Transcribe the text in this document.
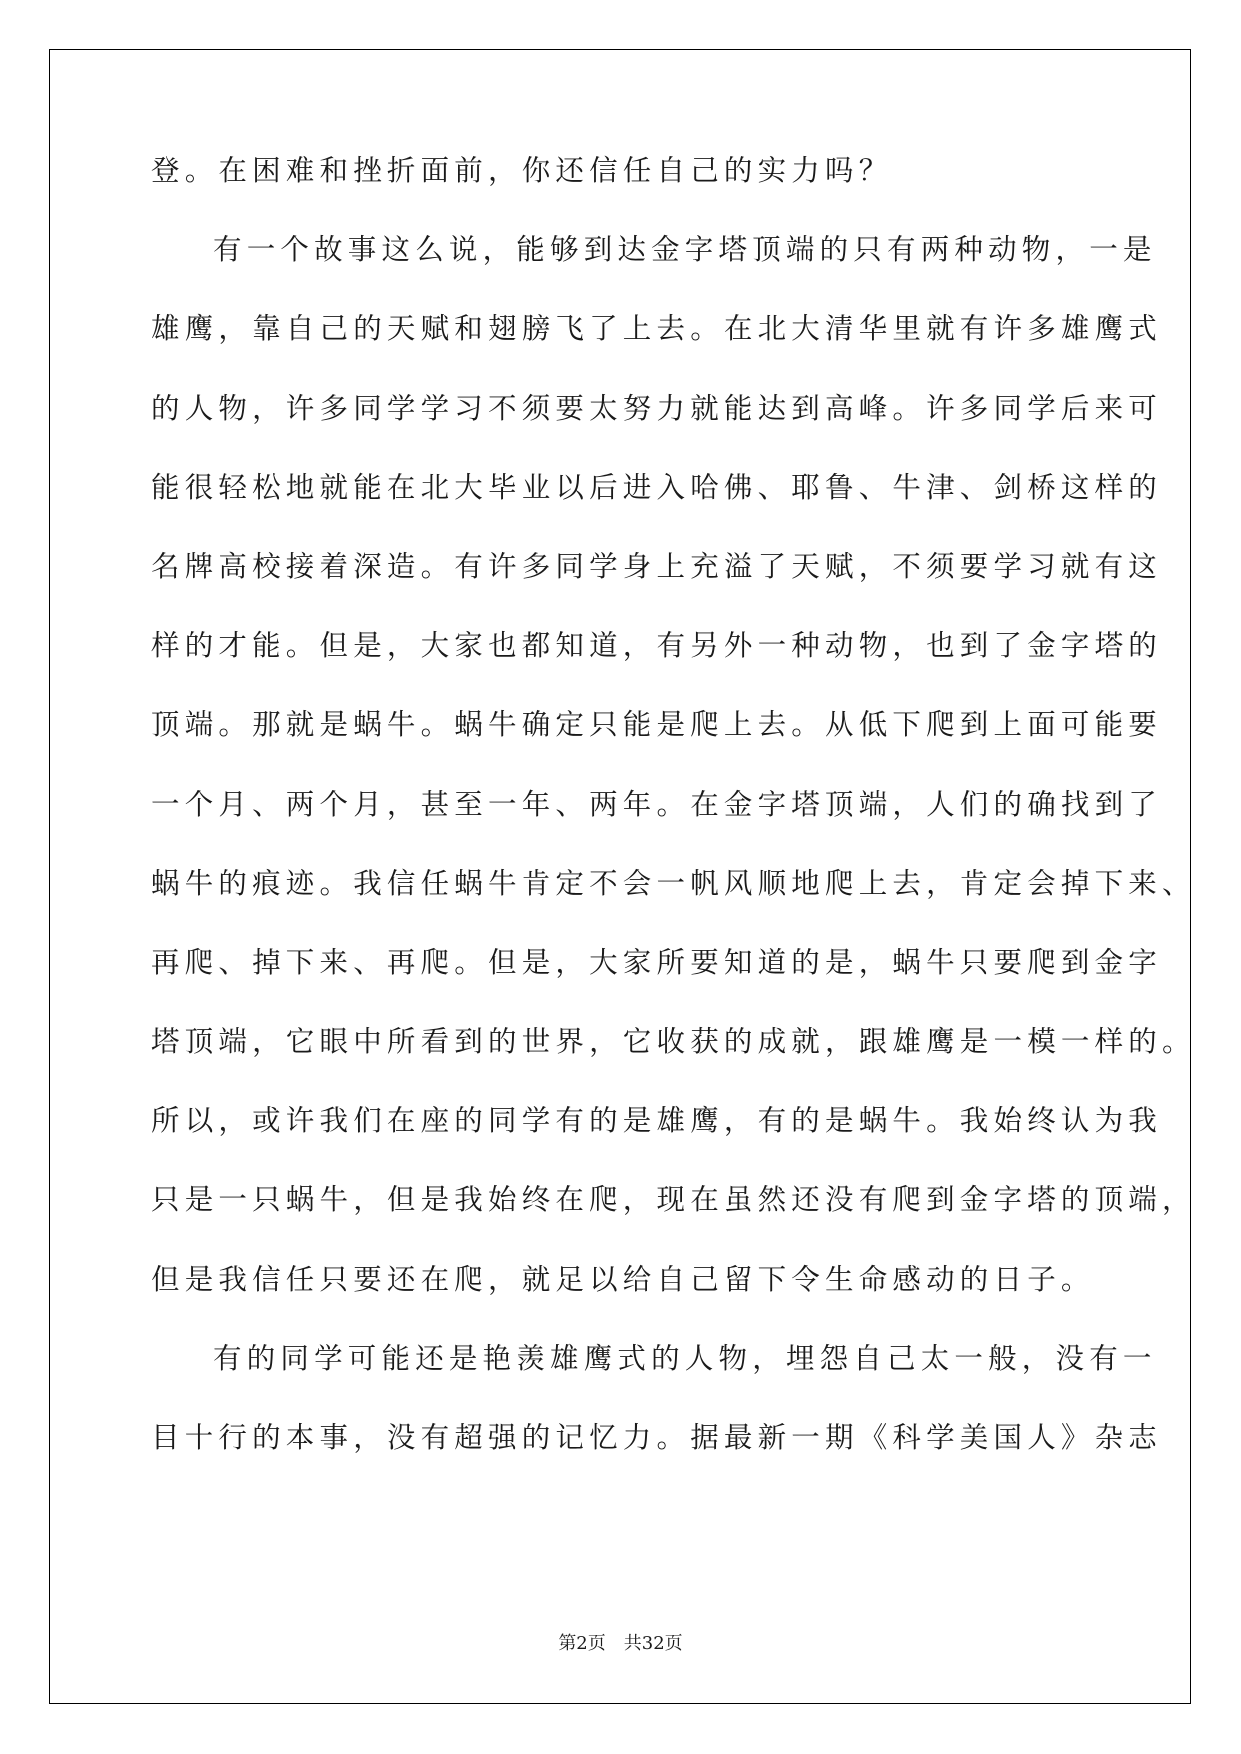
登。在困难和挫折面前，你还信任自己的实力吗？
有一个故事这么说，能够到达金字塔顶端的只有两种动物，一是
雄鹰，靠自己的天赋和翅膀飞了上去。在北大清华里就有许多雄鹰式
的人物，许多同学学习不须要太努力就能达到高峰。许多同学后来可
能很轻松地就能在北大毕业以后进入哈佛、耶鲁、牛津、剑桥这样的
名牌高校接着深造。有许多同学身上充溢了天赋，不须要学习就有这
样的才能。但是，大家也都知道，有另外一种动物，也到了金字塔的
顶端。那就是蜗牛。蜗牛确定只能是爬上去。从低下爬到上面可能要
一个月、两个月，甚至一年、两年。在金字塔顶端，人们的确找到了
蜗牛的痕迹。我信任蜗牛肯定不会一帆风顺地爬上去，肯定会掉下来、
再爬、掉下来、再爬。但是，大家所要知道的是，蜗牛只要爬到金字
塔顶端，它眼中所看到的世界，它收获的成就，跟雄鹰是一模一样的。
所以，或许我们在座的同学有的是雄鹰，有的是蜗牛。我始终认为我
只是一只蜗牛，但是我始终在爬，现在虽然还没有爬到金字塔的顶端，
但是我信任只要还在爬，就足以给自己留下令生命感动的日子。
有的同学可能还是艳羡雄鹰式的人物，埋怨自己太一般，没有一
目十行的本事，没有超强的记忆力。据最新一期《科学美国人》杂志
第2页 共32页
